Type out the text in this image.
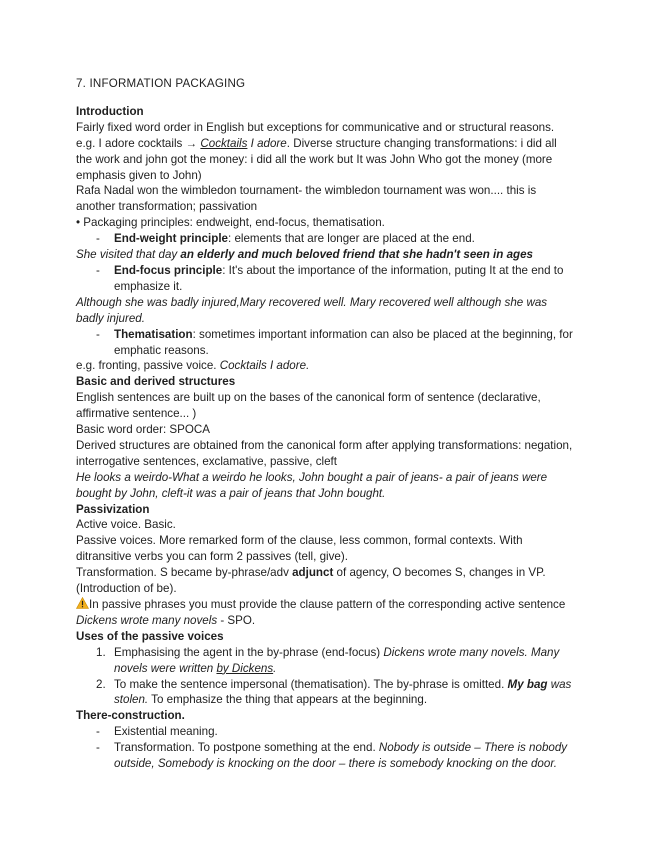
7. INFORMATION PACKAGING

Introduction

Fairly fixed word order in English but exceptions for communicative and or structural reasons.

e.g. I adore cocktails → Cocktails I adore. Diverse structure changing transformations: i did all the work and john got the money: i did all the work but It was John Who got the money (more emphasis given to John)

Rafa Nadal won the wimbledon tournament- the wimbledon tournament was won.... this is another transformation; passivation

• Packaging principles: endweight, end-focus, thematisation.

- End-weight principle: elements that are longer are placed at the end.

She visited that day an elderly and much beloved friend that she hadn't seen in ages

- End-focus principle: It's about the importance of the information, puting It at the end to emphasize it.

Although she was badly injured,Mary recovered well. Mary recovered well although she was badly injured.

- Thematisation: sometimes important information can also be placed at the beginning, for emphatic reasons.

e.g. fronting, passive voice. Cocktails I adore.

Basic and derived structures

English sentences are built up on the bases of the canonical form of sentence (declarative, affirmative sentence... )

Basic word order: SPOCA

Derived structures are obtained from the canonical form after applying transformations: negation, interrogative sentences, exclamative, passive, cleft

He looks a weirdo-What a weirdo he looks, John bought a pair of jeans- a pair of jeans were bought by John, cleft-it was a pair of jeans that John bought.

Passivization

Active voice. Basic.

Passive voices. More remarked form of the clause, less common, formal contexts. With ditransitive verbs you can form 2 passives (tell, give).

Transformation. S became by-phrase/adv adjunct of agency, O becomes S, changes in VP.

(Introduction of be).

In passive phrases you must provide the clause pattern of the corresponding active sentence Dickens wrote many novels - SPO.

Uses of the passive voices

1. Emphasising the agent in the by-phrase (end-focus) Dickens wrote many novels. Many novels were written by Dickens.

2. To make the sentence impersonal (thematisation). The by-phrase is omitted. My bag was stolen. To emphasize the thing that appears at the beginning.

There-construction.

- Existential meaning.

- Transformation. To postpone something at the end. Nobody is outside – There is nobody outside, Somebody is knocking on the door – there is somebody knocking on the door.
